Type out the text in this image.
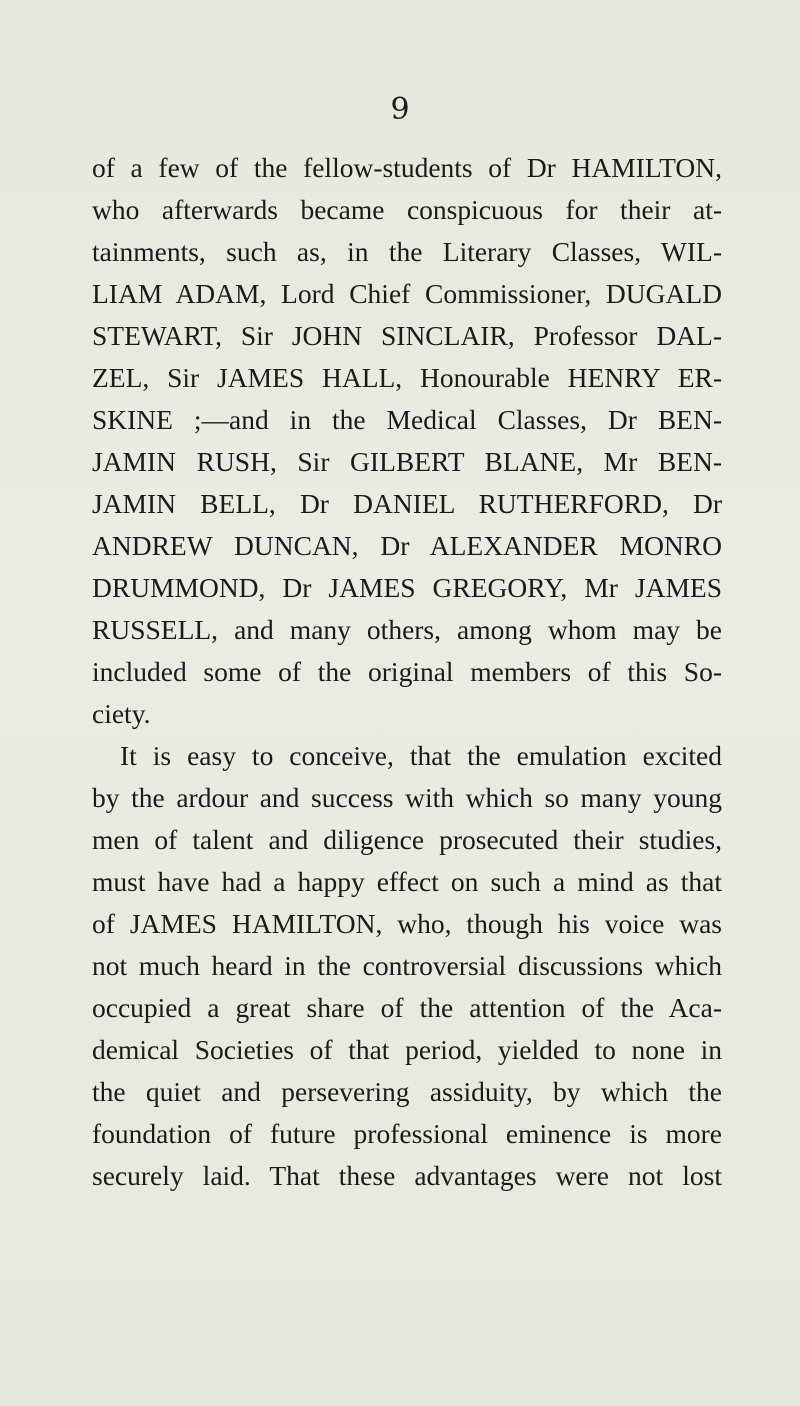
9
of a few of the fellow-students of Dr HAMILTON,
who afterwards became conspicuous for their at-
tainments, such as, in the Literary Classes, WIL-
LIAM ADAM, Lord Chief Commissioner, DUGALD
STEWART, Sir JOHN SINCLAIR, Professor DAL-
ZEL, Sir JAMES HALL, Honourable HENRY ER-
SKINE ;—and in the Medical Classes, Dr BEN-
JAMIN RUSH, Sir GILBERT BLANE, Mr BEN-
JAMIN BELL, Dr DANIEL RUTHERFORD, Dr
ANDREW DUNCAN, Dr ALEXANDER MONRO
DRUMMOND, Dr JAMES GREGORY, Mr JAMES
RUSSELL, and many others, among whom may be
included some of the original members of this So-
ciety.
It is easy to conceive, that the emulation excited
by the ardour and success with which so many young
men of talent and diligence prosecuted their studies,
must have had a happy effect on such a mind as that
of JAMES HAMILTON, who, though his voice was
not much heard in the controversial discussions which
occupied a great share of the attention of the Aca-
demical Societies of that period, yielded to none in
the quiet and persevering assiduity, by which the
foundation of future professional eminence is more
securely laid. That these advantages were not lost
